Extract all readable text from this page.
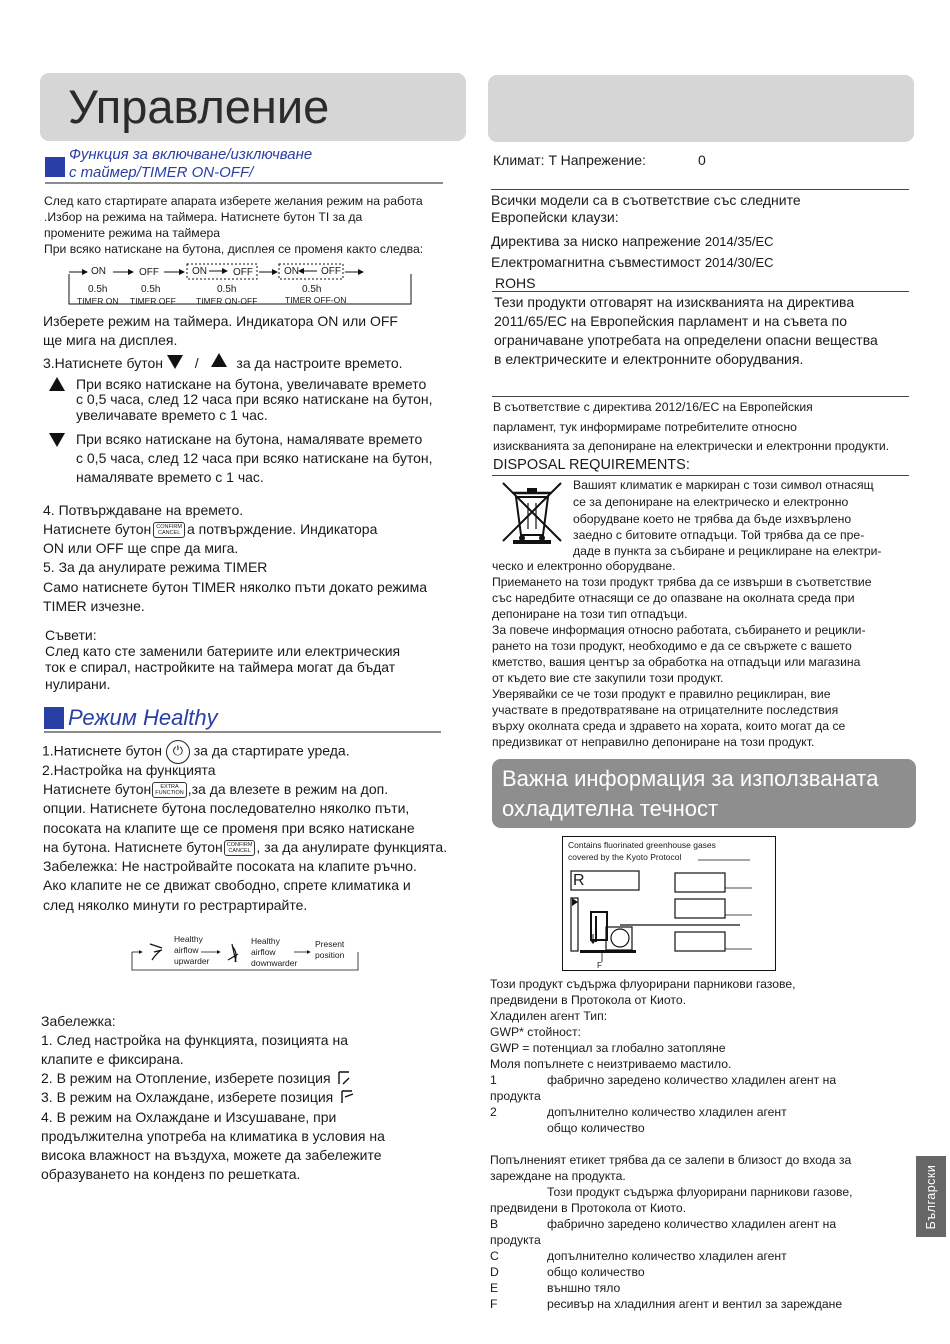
Управление
Функция за включване/изключване
с таймер/TIMER ON-OFF/
След като стартирате апарата изберете желания режим на работа
.Избор на режима на таймера. Натиснете бутон TI за да
промените режима на таймера
При всяко натискане на бутона, дисплея се променя както следва:
ON	OFF	ON	OFF	ON OFF
0.5h	0.5h	0.5h	0.5h
TIMER ON TIMER OFF TIMER ON-OFF	TIMER OFF-ON
Изберете режим на таймера. Индикатора ON или OFF
ще мига на дисплея.
3.Натиснете бутон /	за да настроите времето.
При всяко натискане на бутона, увеличавате времето
с 0,5 часа, след 12 часа при всяко натискане на бутон,
увеличавате времето с 1 час.
При всяко натискане на бутона, намалявате времето
с 0,5 часа, след 12 часа при всяко натискане на бутон,
намалявате времето с 1 час.
4. Потвърждаване на времето.
Натиснете бутон CONFIRM
CANCEL а потвърждение. Индикатора
ON или OFF ще спре да мига.
5. За да анулирате режима TIMER
Само натиснете бутон TIMER няколко пъти докато режима
TIMER изчезне.
Съвети:
След като сте заменили батериите или електрическия
ток е спирал, настройките на таймера могат да бъдат
нулирани.
Режим Healthy
1.Натиснете бутон ⏻ за да стартирате уреда.
2.Настройка на функцията
Натиснете бутон EXTRA
FUNCTION ,за да влезете в режим на доп.
опции. Натиснете бутона последователно няколко пъти,
посоката на клапите ще се променя при всяко натискане
на бутона. Натиснете бутон CONFIRM
CANCEL , за да анулирате функцията.
Забележка: Не настройвайте посоката на клапите ръчно.
Ако клапите не се движат свободно, спрете климатика и
след няколко минути го рестрартирайте.
Healthy
airflow
upwarder
Healthy
airflow
downwarder
Present
position
Забележка:
1. След настройка на функцията, позицията на
клапите е фиксирана.
2. В режим на Отопление, изберете позиция
3. В режим на Охлаждане, изберете позиция
4. В режим на Охлаждане и Изсушаване, при
продължителна употреба на климатика в условия на
висока влажност на въздуха, можете да забележите
образуването на конденз по решетката.
Климат: T Напрежение:	0
Всички модели са в съответствие със следните
Европейски клаузи:
Директива за ниско напрежение 2014/35/EC
Електромагнитна съвместимост 2014/30/EC
ROHS
Тези продукти отговарят на изискванията на директива
2011/65/EC на Европейския парламент и на съвета по
ограничаване употребата на определени опасни вещества
в електрическите и електронните оборудвания.
В съответствие с директива 2012/16/EC на Европейския
парламент, тук информираме потребителите относно
изискванията за депониране на електрически и електронни продукти.
DISPOSAL REQUIREMENTS:
Вашият климатик е маркиран с този символ отнасящ
се за депониране на електрическо и електронно
оборудване което не трябва да бъде изхвърлено
заедно с битовите отпадъци. Той трябва да се пре-
даде в пункта за събиране и рециклиране на електри-
ческо и електронно оборудване.
Приемането на този продукт трябва да се извърши в съответствие
със наредбите отнасящи се до опазване на околната среда при
депониране на този тип отпадъци.
За повече информация относно работата, събирането и рецикли-
рането на този продукт, необходимо е да се свържете с вашето
кметство, вашия център за обработка на отпадъци или магазина
от където вие сте закупили този продукт.
Уверявайки се че този продукт е правилно рециклиран, вие
участвате в предотвратяване на отрицателните последствия
върху околната среда и здравето на хората, които могат да се
предизвикат от неправилно депониране на този продукт.
Важна информация за използваната
охладителна течност
Contains fluorinated greenhouse gases
covered by the Kyoto Protocol
R
F
Този продукт съдържа флуорирани парникови газове,
предвидени в Протокола от Киото.
Хладилен агент Тип:
GWP* стойност:
GWP = потенциал за глобално затопляне
Моля попълнете с неизтриваемо мастило.
1	фабрично заредено количество хладилен агент на
продукта
2	допълнително количество хладилен агент
общо количество
Попълненият етикет трябва да се залепи в близост до входа за
зареждане на продукта.
Този продукт съдържа флуорирани парникови газове,
предвидени в Протокола от Киото.
B	фабрично заредено количество хладилен агент на
продукта
C	допълнително количество хладилен агент
D	общо количество
E	външно тяло
F	ресивър на хладилния агент и вентил за зареждане
Български
